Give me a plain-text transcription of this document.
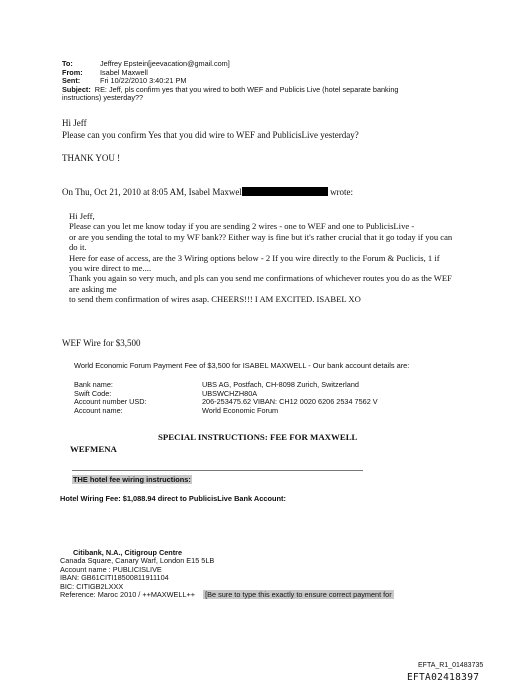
To:	Jeffrey Epstein[jeevacation@gmail.com]
From:	Isabel Maxwell
Sent:	Fri 10/22/2010 3:40:21 PM
Subject: RE: Jeff, pls confirm yes that you wired to both WEF and Publicis Live (hotel separate banking instructions) yesterday??
Hi Jeff
Please can you confirm Yes that you did wire to WEF and PublicisLive yesterday?
THANK YOU !
On Thu, Oct 21, 2010 at 8:05 AM, Isabel Maxwel	wrote:
Hi Jeff,
Please can you let me know today if you are sending 2 wires - one to WEF and one to PublicisLive -
or are you sending the total to my WF bank?? Either way is fine but it's rather crucial that it go today if you can do it.
Here for ease of access, are the 3 Wiring options below - 2 If you wire directly to the Forum & Puclicis, 1 if you wire direct to me....
Thank you again so very much, and pls can you send me confirmations of whichever routes you do as the WEF are asking me
to send them confirmation of wires asap. CHEERS!!! I AM EXCITED. ISABEL XO
WEF Wire for $3,500
World Economic Forum Payment Fee of $3,500 for ISABEL MAXWELL - Our bank account details are:
Bank name:	UBS AG, Postfach, CH-8098 Zurich, Switzerland
Swift Code:	UBSWCHZH80A
Account number USD:	206-253475.62 VIBAN: CH12 0020 6206 2534 7562 V
Account name:	World Economic Forum
SPECIAL INSTRUCTIONS: FEE FOR MAXWELL
WEFMENA
THE hotel fee wiring instructions:
Hotel Wiring Fee: $1,088.94 direct to PublicisLive Bank Account:
Citibank, N.A., Citigroup Centre
Canada Square, Canary Warf, London E15 5LB
Account name : PUBLICISLIVE
IBAN: GB61CITI18500811911104
BIC: CITIGB2LXXX
Reference: Maroc 2010 / ++MAXWELL++ [Be sure to type this exactly to ensure correct payment for
EFTA_R1_01483735
EFTA02418397
